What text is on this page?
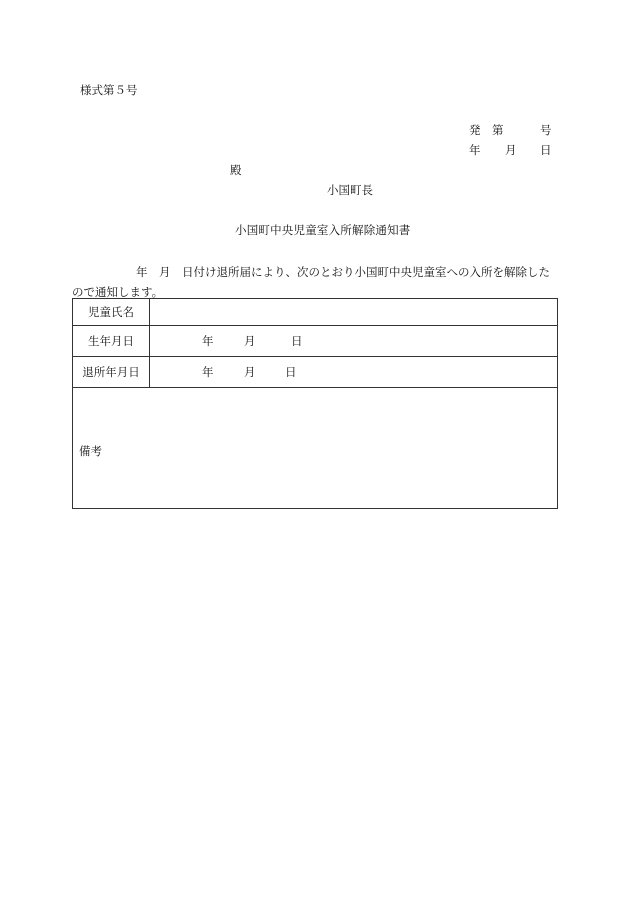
様式第５号
発 第	号
年 月 日
殿
小国町長
小国町中央児童室入所解除通知書
年　月　日付け退所届により、次のとおり小国町中央児童室への入所を解除したので通知します。
児童氏名	
生年月日	年 月 日

退所年月日	年 月 日

備考	
